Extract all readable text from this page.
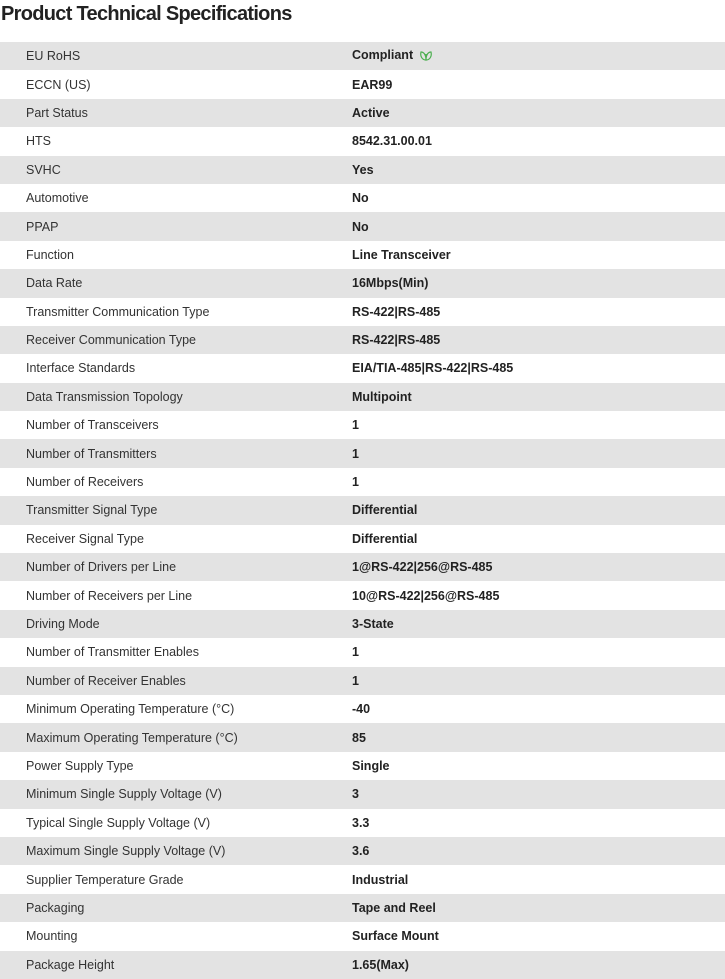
Product Technical Specifications
EU RoHS	Compliant
ECCN (US)	EAR99
Part Status	Active
HTS	8542.31.00.01
SVHC	Yes
Automotive	No
PPAP	No
Function	Line Transceiver
Data Rate	16Mbps(Min)
Transmitter Communication Type	RS-422|RS-485
Receiver Communication Type	RS-422|RS-485
Interface Standards	EIA/TIA-485|RS-422|RS-485
Data Transmission Topology	Multipoint
Number of Transceivers	1
Number of Transmitters	1
Number of Receivers	1
Transmitter Signal Type	Differential
Receiver Signal Type	Differential
Number of Drivers per Line	1@RS-422|256@RS-485
Number of Receivers per Line	10@RS-422|256@RS-485
Driving Mode	3-State
Number of Transmitter Enables	1
Number of Receiver Enables	1
Minimum Operating Temperature (°C)	-40
Maximum Operating Temperature (°C)	85
Power Supply Type	Single
Minimum Single Supply Voltage (V)	3
Typical Single Supply Voltage (V)	3.3
Maximum Single Supply Voltage (V)	3.6
Supplier Temperature Grade	Industrial
Packaging	Tape and Reel
Mounting	Surface Mount
Package Height	1.65(Max)
